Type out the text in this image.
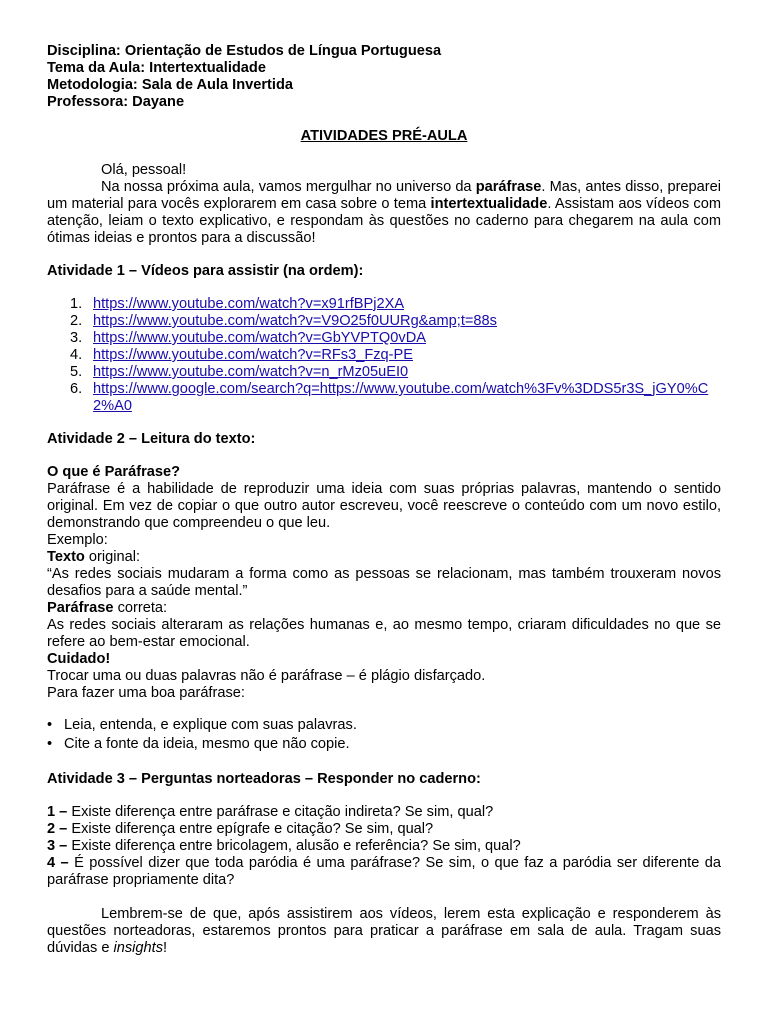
Disciplina: Orientação de Estudos de Língua Portuguesa
Tema da Aula: Intertextualidade
Metodologia: Sala de Aula Invertida
Professora: Dayane
ATIVIDADES PRÉ-AULA
Olá, pessoal!
Na nossa próxima aula, vamos mergulhar no universo da paráfrase. Mas, antes disso, preparei um material para vocês explorarem em casa sobre o tema intertextualidade. Assistam aos vídeos com atenção, leiam o texto explicativo, e respondam às questões no caderno para chegarem na aula com ótimas ideias e prontos para a discussão!
Atividade 1 – Vídeos para assistir (na ordem):
1. https://www.youtube.com/watch?v=x91rfBPj2XA
2. https://www.youtube.com/watch?v=V9O25f0UURg&amp;t=88s
3. https://www.youtube.com/watch?v=GbYVPTQ0vDA
4. https://www.youtube.com/watch?v=RFs3_Fzq-PE
5. https://www.youtube.com/watch?v=n_rMz05uEI0
6. https://www.google.com/search?q=https://www.youtube.com/watch%3Fv%3DDS5r3S_jGY0%C2%A0
Atividade 2 – Leitura do texto:
O que é Paráfrase?
Paráfrase é a habilidade de reproduzir uma ideia com suas próprias palavras, mantendo o sentido original. Em vez de copiar o que outro autor escreveu, você reescreve o conteúdo com um novo estilo, demonstrando que compreendeu o que leu.
Exemplo:
Texto original:
“As redes sociais mudaram a forma como as pessoas se relacionam, mas também trouxeram novos desafios para a saúde mental.”
Paráfrase correta:
As redes sociais alteraram as relações humanas e, ao mesmo tempo, criaram dificuldades no que se refere ao bem-estar emocional.
Cuidado!
Trocar uma ou duas palavras não é paráfrase – é plágio disfarçado.
Para fazer uma boa paráfrase:
• Leia, entenda, e explique com suas palavras.
• Cite a fonte da ideia, mesmo que não copie.
Atividade 3 – Perguntas norteadoras – Responder no caderno:

1 – Existe diferença entre paráfrase e citação indireta? Se sim, qual?

2 – Existe diferença entre epígrafe e citação? Se sim, qual?

3 – Existe diferença entre bricolagem, alusão e referência? Se sim, qual?

4 – É possível dizer que toda paródia é uma paráfrase? Se sim, o que faz a paródia ser diferente da paráfrase propriamente dita?

Lembrem-se de que, após assistirem aos vídeos, lerem esta explicação e responderem às questões norteadoras, estaremos prontos para praticar a paráfrase em sala de aula. Tragam suas dúvidas e insights!
